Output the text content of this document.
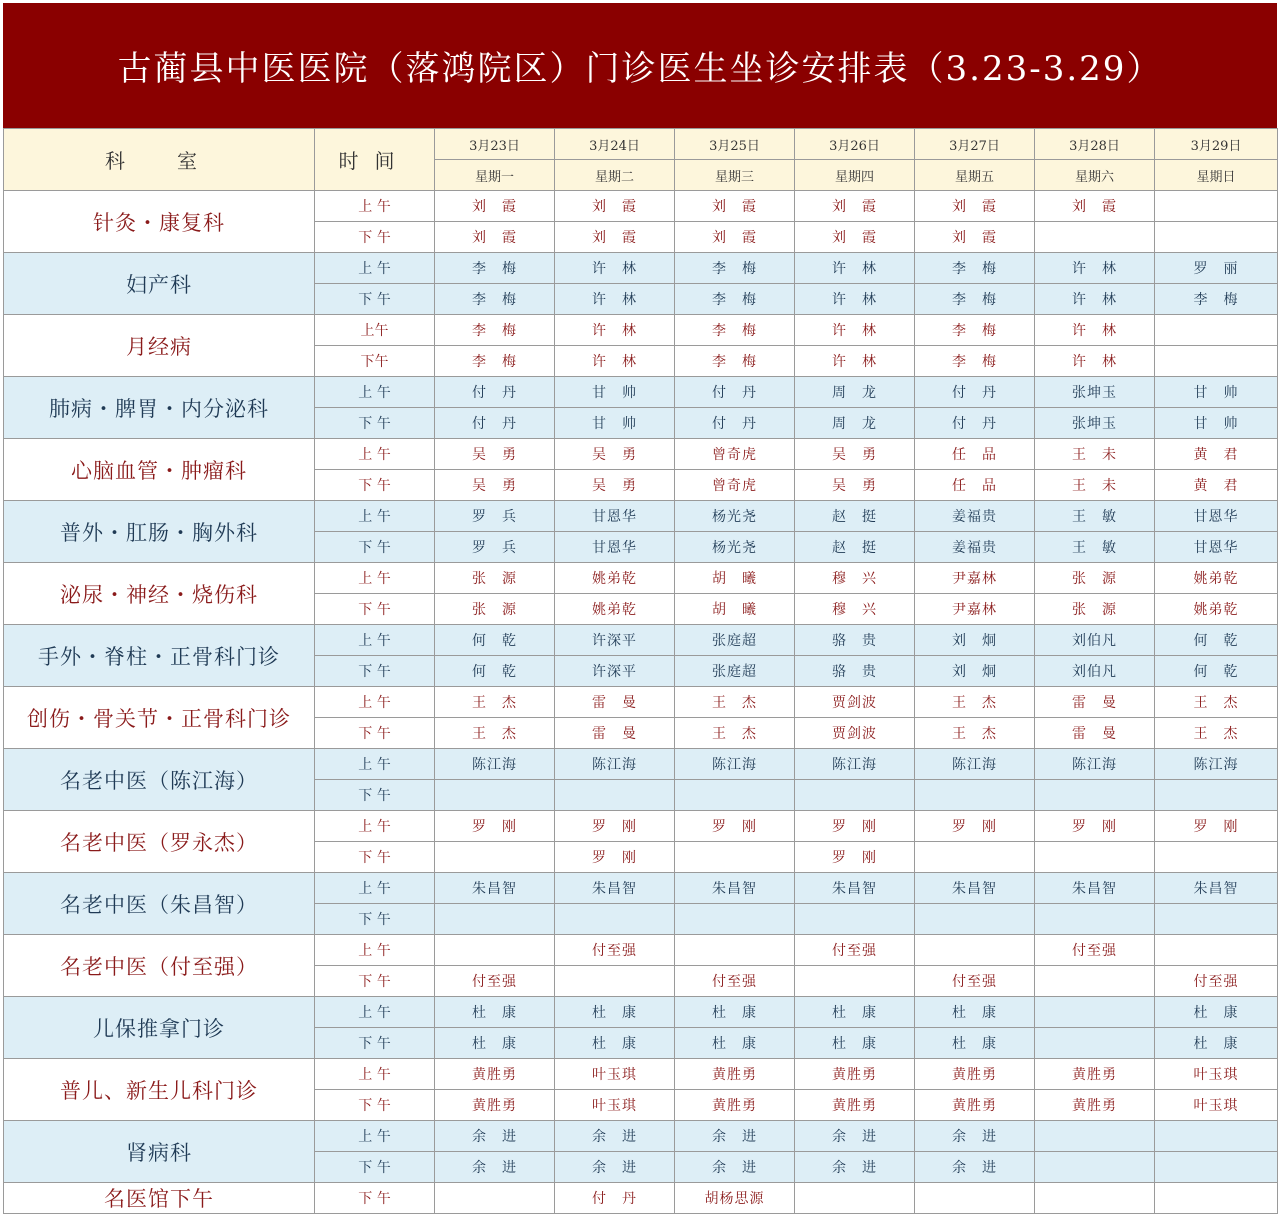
古蔺县中医医院（落鸿院区）门诊医生坐诊安排表（3.23-3.29）
科　室	时间	3月23日	3月24日	3月25日	3月26日	3月27日	3月28日	3月29日
		星期一	星期二	星期三	星期四	星期五	星期六	星期日
针灸・康复科	上 午	刘　霞	刘　霞	刘　霞	刘　霞	刘　霞	刘　霞	
	下 午	刘　霞	刘　霞	刘　霞	刘　霞	刘　霞		
妇产科	上 午	李　梅	许　林	李　梅	许　林	李　梅	许　林	罗　丽
	下 午	李　梅	许　林	李　梅	许　林	李　梅	许　林	李　梅
月经病	上午	李　梅	许　林	李　梅	许　林	李　梅	许　林	
	下午	李　梅	许　林	李　梅	许　林	李　梅	许　林	
肺病・脾胃・内分泌科	上 午	付　丹	甘　帅	付　丹	周　龙	付　丹	张坤玉	甘　帅
	下 午	付　丹	甘　帅	付　丹	周　龙	付　丹	张坤玉	甘　帅
心脑血管・肿瘤科	上 午	吴　勇	吴　勇	曾奇虎	吴　勇	任　品	王　未	黄　君
	下 午	吴　勇	吴　勇	曾奇虎	吴　勇	任　品	王　未	黄　君
普外・肛肠・胸外科	上 午	罗　兵	甘恩华	杨光尧	赵　挺	姜福贵	王　敏	甘恩华
	下 午	罗　兵	甘恩华	杨光尧	赵　挺	姜福贵	王　敏	甘恩华
泌尿・神经・烧伤科	上 午	张　源	姚弟乾	胡　曦	穆　兴	尹嘉林	张　源	姚弟乾
	下 午	张　源	姚弟乾	胡　曦	穆　兴	尹嘉林	张　源	姚弟乾
手外・脊柱・正骨科门诊	上 午	何　乾	许深平	张庭超	骆　贵	刘　炯	刘伯凡	何　乾
	下 午	何　乾	许深平	张庭超	骆　贵	刘　炯	刘伯凡	何　乾
创伤・骨关节・正骨科门诊	上 午	王　杰	雷　曼	王　杰	贾剑波	王　杰	雷　曼	王　杰
	下 午	王　杰	雷　曼	王　杰	贾剑波	王　杰	雷　曼	王　杰
名老中医（陈江海）	上 午	陈江海	陈江海	陈江海	陈江海	陈江海	陈江海	陈江海
	下 午							
名老中医（罗永杰）	上 午	罗　刚	罗　刚	罗　刚	罗　刚	罗　刚	罗　刚	罗　刚
	下 午		罗　刚		罗　刚			
名老中医（朱昌智）	上 午	朱昌智	朱昌智	朱昌智	朱昌智	朱昌智	朱昌智	朱昌智
	下 午							
名老中医（付至强）	上 午		付至强		付至强		付至强	
	下 午	付至强		付至强		付至强		付至强
儿保推拿门诊	上 午	杜　康	杜　康	杜　康	杜　康	杜　康		杜　康
	下 午	杜　康	杜　康	杜　康	杜　康	杜　康		杜　康
普儿、新生儿科门诊	上 午	黄胜勇	叶玉琪	黄胜勇	黄胜勇	黄胜勇	黄胜勇	叶玉琪
	下 午	黄胜勇	叶玉琪	黄胜勇	黄胜勇	黄胜勇	黄胜勇	叶玉琪
肾病科	上 午	余　进	余　进	余　进	余　进	余　进		
	下 午	余　进	余　进	余　进	余　进	余　进		
名医馆下午	下 午		付　丹	胡杨思源				
